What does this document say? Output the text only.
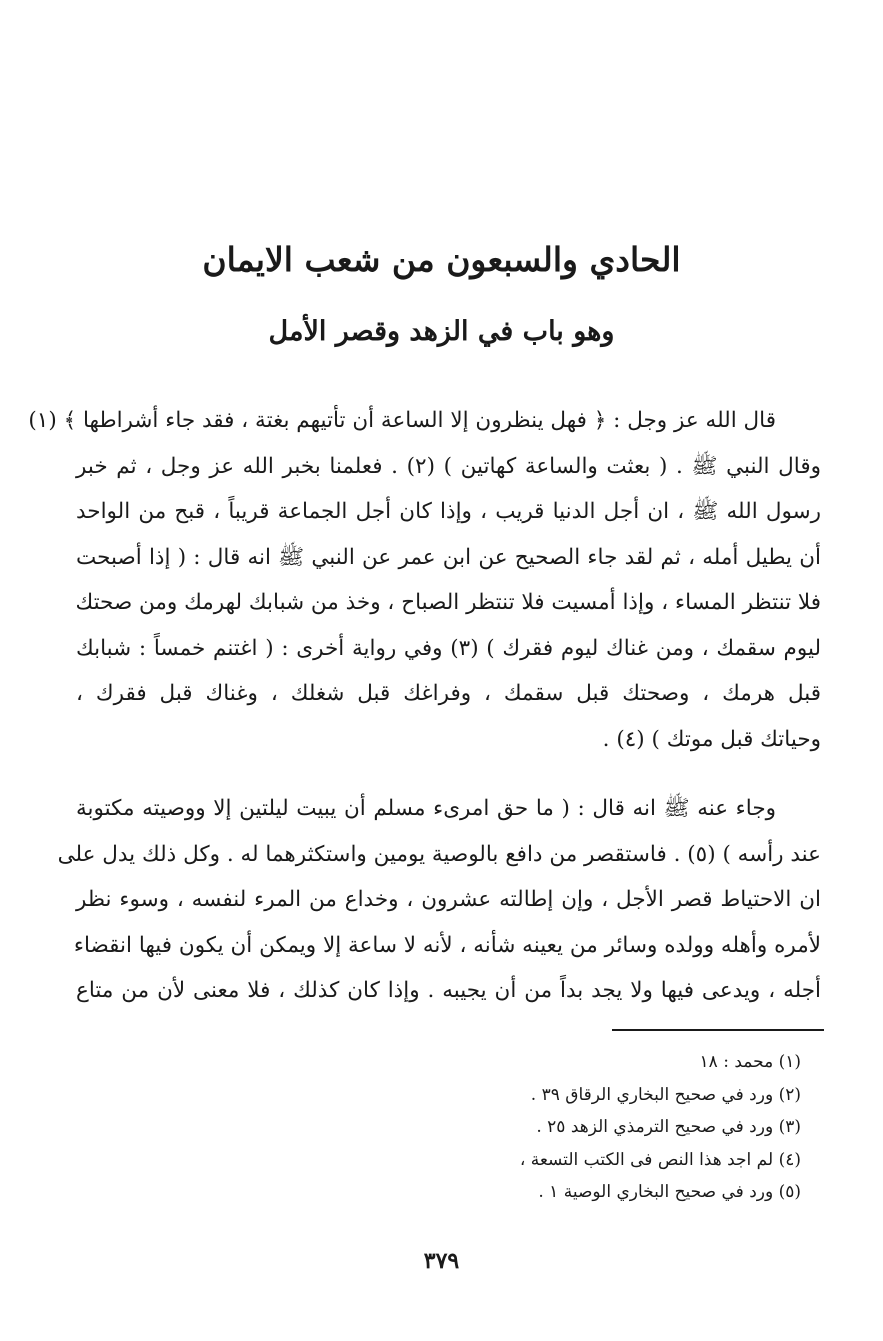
الحادي والسبعون من شعب الايمان
وهو باب في الزهد وقصر الأمل
قال الله عز وجل : ﴿ فهل ينظرون إلا الساعة أن تأتيهم بغتة ، فقد جاء أشراطها ﴾ (١)
وقال النبي ﷺ . ( بعثت والساعة كهاتين ) (٢) . فعلمنا بخبر الله عز وجل ، ثم خبر
رسول الله ﷺ ، ان أجل الدنيا قريب ، وإذا كان أجل الجماعة قريباً ، قبح من الواحد
أن يطيل أمله ، ثم لقد جاء الصحيح عن ابن عمر عن النبي ﷺ انه قال : ( إذا أصبحت
فلا تنتظر المساء ، وإذا أمسيت فلا تنتظر الصباح ، وخذ من شبابك لهرمك ومن صحتك
ليوم سقمك ، ومن غناك ليوم فقرك ) (٣) وفي رواية أخرى : ( اغتنم خمساً : شبابك
قبل هرمك ، وصحتك قبل سقمك ، وفراغك قبل شغلك ، وغناك قبل فقرك ،
وحياتك قبل موتك ) (٤) .
وجاء عنه ﷺ انه قال : ( ما حق امرىء مسلم أن يبيت ليلتين إلا ووصيته مكتوبة
عند رأسه ) (٥) . فاستقصر من دافع بالوصية يومين واستكثرهما له . وكل ذلك يدل على
ان الاحتياط قصر الأجل ، وإن إطالته عشرون ، وخداع من المرء لنفسه ، وسوء نظر
لأمره وأهله وولده وسائر من يعينه شأنه ، لأنه لا ساعة إلا ويمكن أن يكون فيها انقضاء
أجله ، ويدعى فيها ولا يجد بداً من أن يجيبه . وإذا كان كذلك ، فلا معنى لأن من متاع
(١) محمد : ١٨
(٢) ورد في صحيح البخاري الرقاق ٣٩ .
(٣) ورد في صحيح الترمذي الزهد ٢٥ .
(٤) لم اجد هذا النص فى الكتب التسعة ،
(٥) ورد في صحيح البخاري الوصية ١ .
٣٧٩
